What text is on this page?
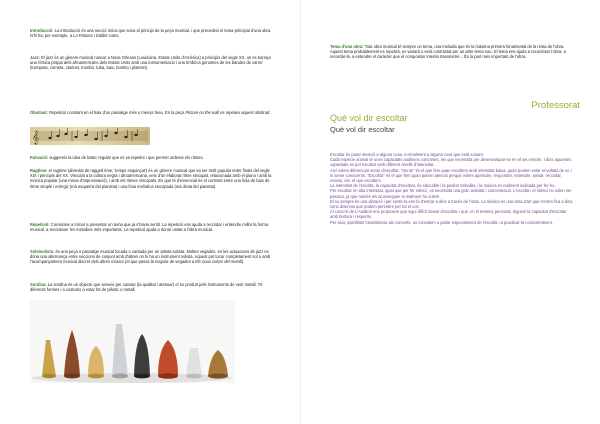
Introducció: La introducció és una secció única que sona al principi de la peça musical, i que precedeix el tema principal d'una obra. N'hi ha, per exemple, a La Paluma i Dalibé cotes.

Jazz: El jazz és un gènere musical nascut a Nova Orleans (Louisiana, Estats Units d'Amèrica) a principis del segle XX, on es barreja una rítmica pròpia dels afroamericans dels Estats Units amb una instrumentació i una tímbrica genuïnes de les bandes de carrer (trompeta, corneta, clarinet, trombó, tuba, baix, bombo i plateret).

Obstinat: Repetició constant en el baix d'un passatge més o menys breu. En la peça Picture on the wall es repeteix aquest obstinat:

𝄞

Pulsació: suggereix la idea de batec regular que es va repetint i que permet ordenar els ritmes.

Ragtime: el ragtime (abreviat de ragged time, 'temps esquinçat') és un gènere musical que va ser molt popular entre finals del segle XIX i principis del XX. Vinculat a la cultura negra i afroamericana, neix d'un elaborat ritme sincopat, relacionada amb el piano i amb la música popular (una mena d'improvisació), i amb els ritmes sincopats. És que té d'essencial és el contrast entre una línia de baix de ritme simple i enèrgic (mà esquerra del pianista) i una línia melòdica sincopada (mà dreta del pianista).

Repetició: Consisteix a tornar a presentar un tema que ja s'havia sentit. La repetició ens ajuda a recordar i entendre millor la forma musical, a reconèixer les melodies més importants. La repetició ajuda a donar unitat a l'obra musical.

Solo/solista: és una peça o passatge musical tocada o cantada per un artista solista. Moltes vegades, en les actuacions de jazz es dóna una alternança entre seccions de conjunt amb d'altres on hi ha un instrument solista. Aquest pot tocar completament sol o amb l'acompanyament musical discret dels altres músics (el que passa la majoria de vegades a Els nous colors del metall).

Sordina: La sordina és un objecte que serveix per canviar (la qualitat i atenuar) el so produït pels instruments de vent metall. Té diferents formes i a costums a estar fet de plàstic o metall.

Tema d'una obra: Tota obra musical té sempre un tema, una melodia que és la màxima primera fonamental de la resta de l'obra. Aquest tema probablement es repetirà, es variarà o serà contrastat per un altre tema nou. El tema ens ajuda a reconèixer l'obra, a recordar-la, a entendre el caràcter que el compositor intenta transmetre... És la part més important de l'obra.

Professorat
Què vol dir escoltar
Què vol dir escoltar

Escoltar és parar atenció a alguna cosa, normalment a alguna cosa que està sonant.

Cada espècie animal té unes capacitats auditives concretes, les que necessita per desenvolupar-se en el seu entorn. I dins aquestes capacitats se pot escoltar amb diferent nivells d'intensitat.

Així volem diferenciar sentir d'escoltar. "Sentir" és el que fem quan escoltem amb intensitat baixa, quan podem estar envoltats de so i ni seme conscients. "Escoltar" és el que fem quan parem atenció perquè volem aprendre, respondre, entendre, avisar, recordar, revisar, etc. el que escoltem.

La intensitat de l'escolta, la capacitat d'escoltar, és educable i la podem treballar, i la música es realment indicada per fer-ho.

Per escoltar en alta intensitat, igual que per fer silenci, es necessita una gran activitat i concentració. L'escolta i el silenci no solen ser passius, ja que només els aconseguim si realment ho volem.

El so sempre és una vibració i per sentir-la ens fa d'entrar a dins a través de l'oïda. La música és una obra d'art que s'entra fica a dins, sons diversos que podem percebre per tot el cos.

Al concert de L'Auditori ens proposem que sigui difícil deixar d'escoltar i que, en el temeny personal, trigueni la capacitat d'escoltar amb bertura i respecte.

Per això, aprofitant l'assistència als concerts, us convidem a parlar especialment de l'escolta i a practicar-la conscientment.
